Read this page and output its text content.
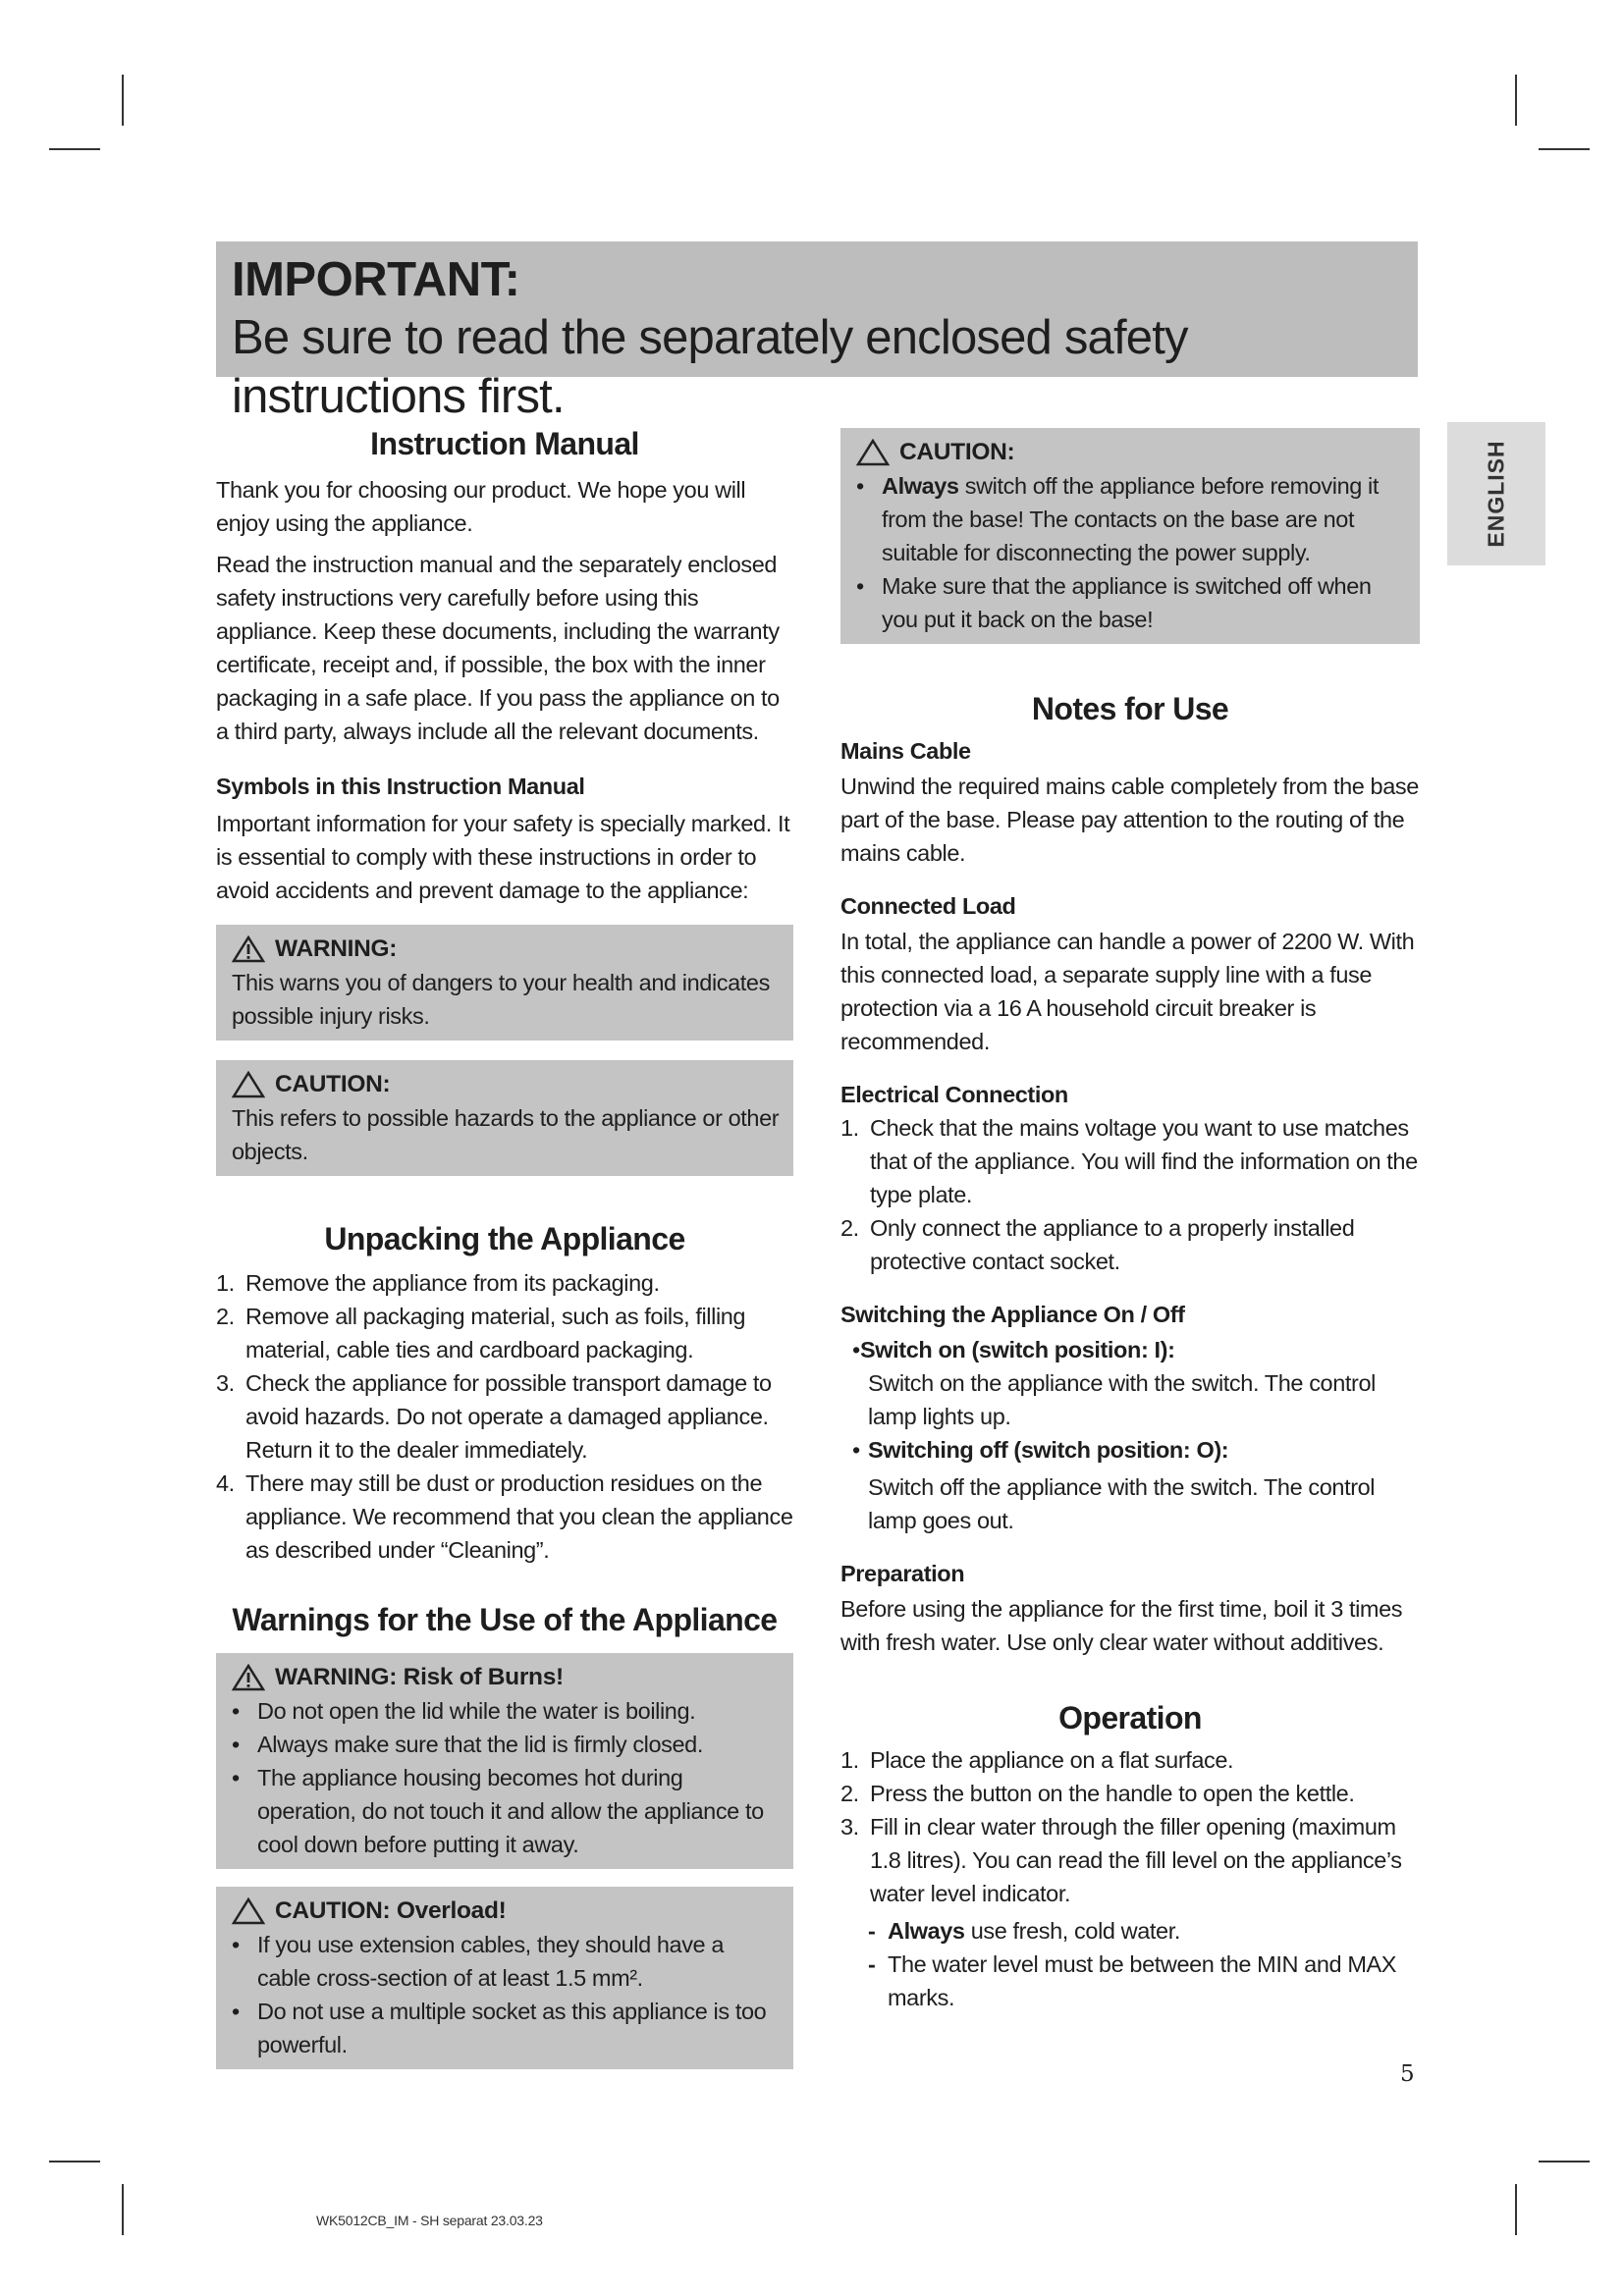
IMPORTANT:
Be sure to read the separately enclosed safety instructions first.
ENGLISH
Instruction Manual
Thank you for choosing our product. We hope you will enjoy using the appliance.
Read the instruction manual and the separately enclosed safety instructions very carefully before using this appliance. Keep these documents, including the warranty certificate, receipt and, if possible, the box with the inner packaging in a safe place. If you pass the appliance on to a third party, always include all the relevant documents.
Symbols in this Instruction Manual
Important information for your safety is specially marked. It is essential to comply with these instructions in order to avoid accidents and prevent damage to the appliance:
WARNING:
This warns you of dangers to your health and indicates possible injury risks.
CAUTION:
This refers to possible hazards to the appliance or other objects.
Unpacking the Appliance
1. Remove the appliance from its packaging.
2. Remove all packaging material, such as foils, filling material, cable ties and cardboard packaging.
3. Check the appliance for possible transport damage to avoid hazards. Do not operate a damaged appliance. Return it to the dealer immediately.
4. There may still be dust or production residues on the appliance. We recommend that you clean the appliance as described under “Cleaning”.
Warnings for the Use of the Appliance
WARNING: Risk of Burns!
• Do not open the lid while the water is boiling.
• Always make sure that the lid is firmly closed.
• The appliance housing becomes hot during operation, do not touch it and allow the appliance to cool down before putting it away.
CAUTION: Overload!
• If you use extension cables, they should have a cable cross-section of at least 1.5 mm².
• Do not use a multiple socket as this appliance is too powerful.
CAUTION:
• Always switch off the appliance before removing it from the base! The contacts on the base are not suitable for disconnecting the power supply.
• Make sure that the appliance is switched off when you put it back on the base!
Notes for Use
Mains Cable
Unwind the required mains cable completely from the base part of the base. Please pay attention to the routing of the mains cable.
Connected Load
In total, the appliance can handle a power of 2200 W. With this connected load, a separate supply line with a fuse protection via a 16 A household circuit breaker is recommended.
Electrical Connection
1. Check that the mains voltage you want to use matches that of the appliance. You will find the information on the type plate.
2. Only connect the appliance to a properly installed protective contact socket.
Switching the Appliance On / Off
• Switch on (switch position: I):
Switch on the appliance with the switch. The control lamp lights up.
• Switching off (switch position: O):
Switch off the appliance with the switch. The control lamp goes out.
Preparation
Before using the appliance for the first time, boil it 3 times with fresh water. Use only clear water without additives.
Operation
1. Place the appliance on a flat surface.
2. Press the button on the handle to open the kettle.
3. Fill in clear water through the filler opening (maximum 1.8 litres). You can read the fill level on the appliance’s water level indicator.
- Always use fresh, cold water.
- The water level must be between the MIN and MAX marks.
5
WK5012CB_IM - SH separat 23.03.23
